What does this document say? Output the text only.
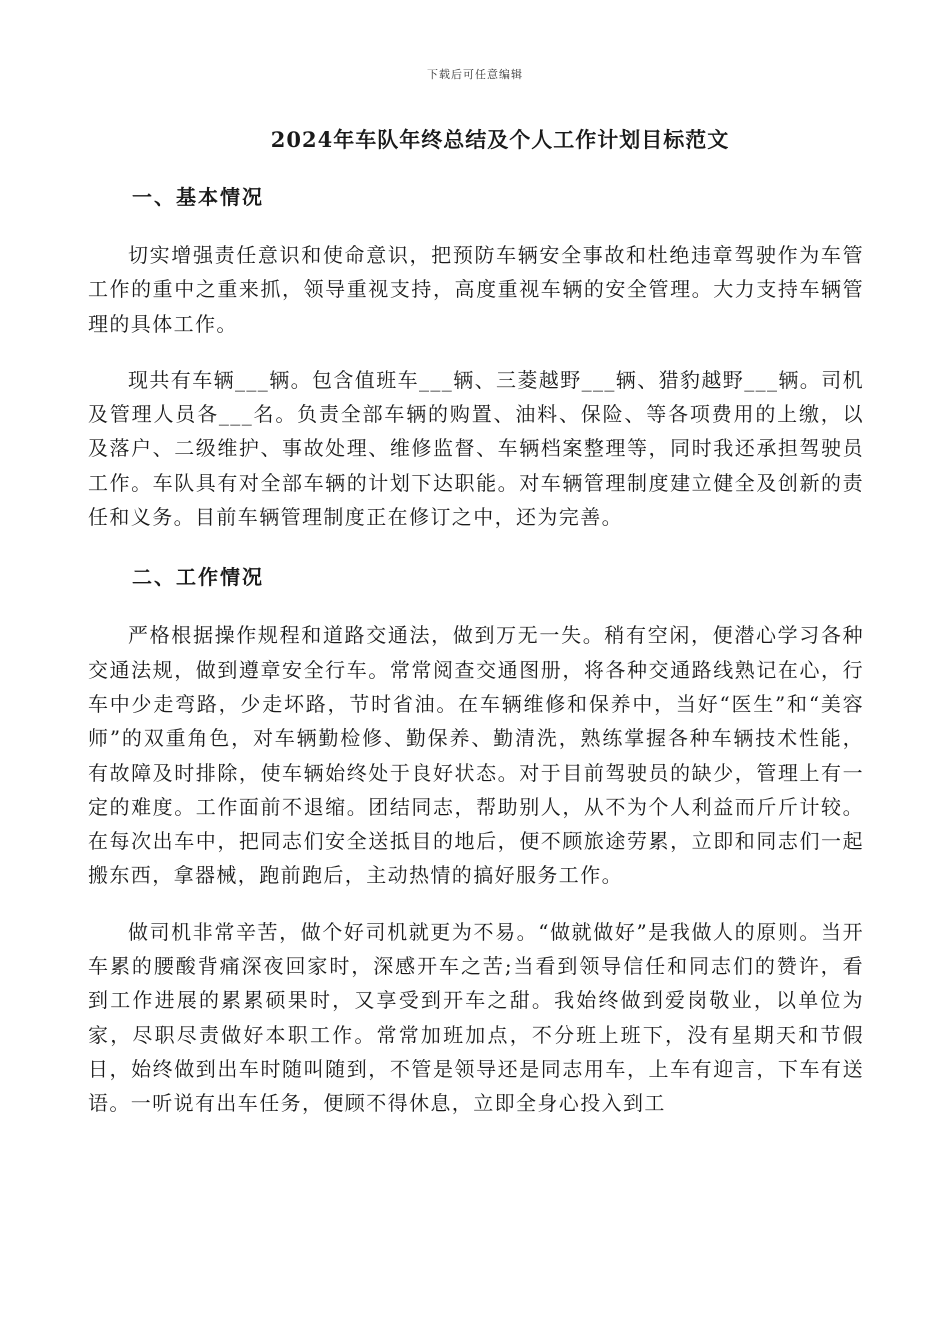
下载后可任意编辑
2024年车队年终总结及个人工作计划目标范文
一、基本情况

切实增强责任意识和使命意识，把预防车辆安全事故和杜绝违章驾驶作为车管工作的重中之重来抓，领导重视支持，高度重视车辆的安全管理。大力支持车辆管理的具体工作。

现共有车辆___辆。包含值班车___辆、三菱越野___辆、猎豹越野___辆。司机及管理人员各___名。负责全部车辆的购置、油料、保险、等各项费用的上缴，以及落户、二级维护、事故处理、维修监督、车辆档案整理等，同时我还承担驾驶员工作。车队具有对全部车辆的计划下达职能。对车辆管理制度建立健全及创新的责任和义务。目前车辆管理制度正在修订之中，还为完善。

二、工作情况

严格根据操作规程和道路交通法，做到万无一失。稍有空闲，便潜心学习各种交通法规，做到遵章安全行车。常常阅查交通图册，将各种交通路线熟记在心，行车中少走弯路，少走坏路，节时省油。在车辆维修和保养中，当好“医生”和“美容师”的双重角色，对车辆勤检修、勤保养、勤清洗，熟练掌握各种车辆技术性能，有故障及时排除，使车辆始终处于良好状态。对于目前驾驶员的缺少，管理上有一定的难度。工作面前不退缩。团结同志，帮助别人，从不为个人利益而斤斤计较。在每次出车中，把同志们安全送抵目的地后，便不顾旅途劳累，立即和同志们一起搬东西，拿器械，跑前跑后，主动热情的搞好服务工作。

做司机非常辛苦，做个好司机就更为不易。“做就做好”是我做人的原则。当开车累的腰酸背痛深夜回家时，深感开车之苦;当看到领导信任和同志们的赞许，看到工作进展的累累硕果时，又享受到开车之甜。我始终做到爱岗敬业，以单位为家，尽职尽责做好本职工作。常常加班加点，不分班上班下，没有星期天和节假日，始终做到出车时随叫随到，不管是领导还是同志用车，上车有迎言，下车有送语。一听说有出车任务，便顾不得休息，立即全身心投入到工
